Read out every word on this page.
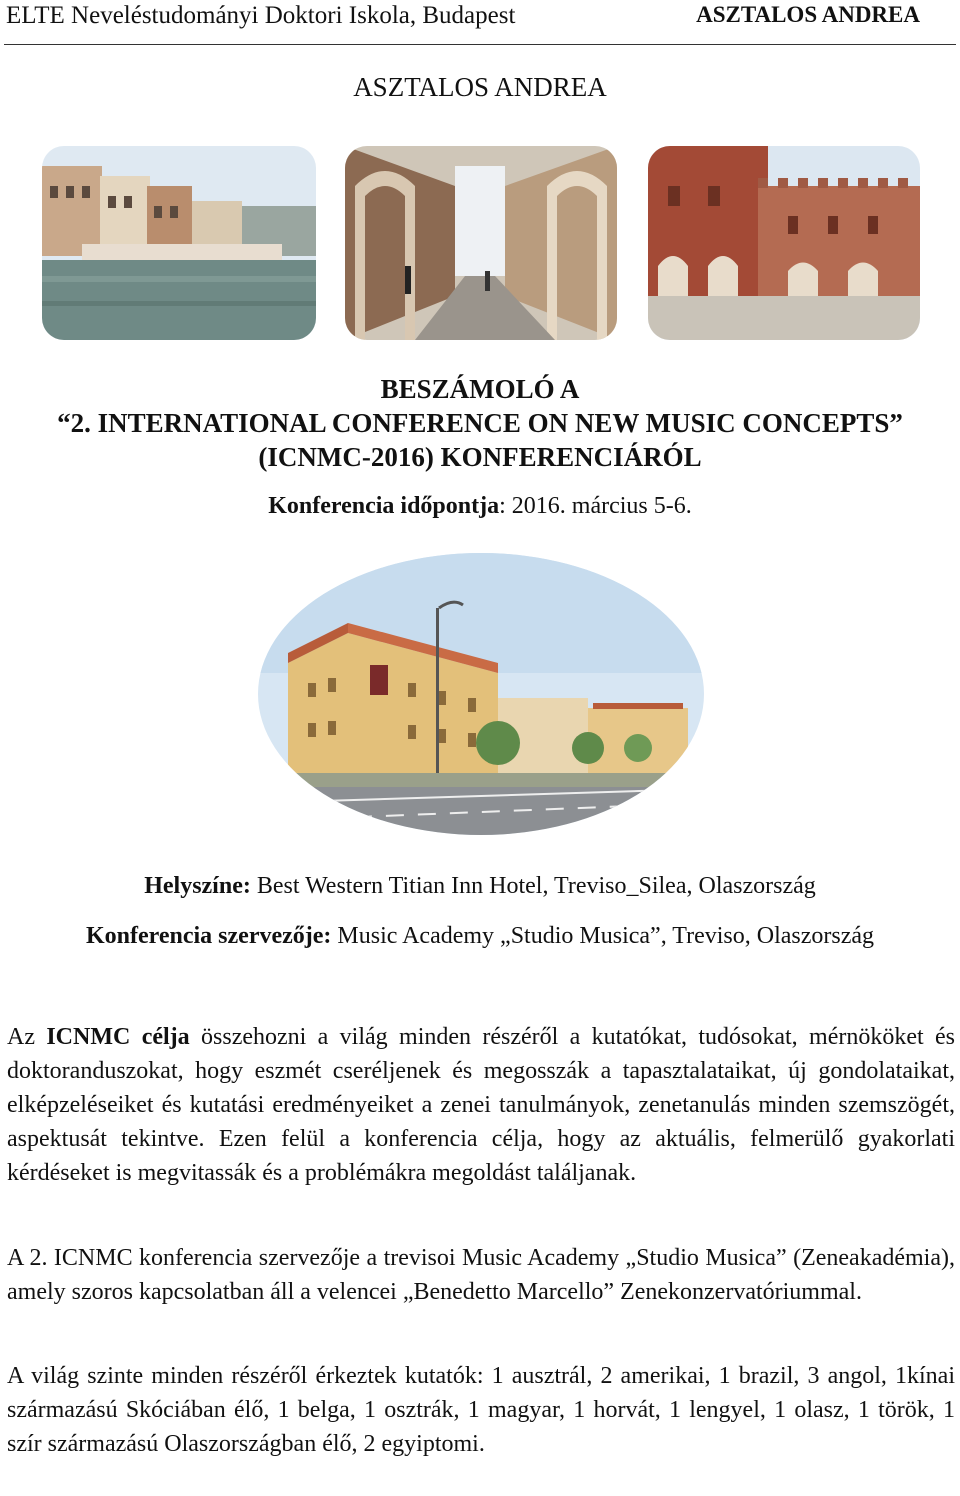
ELTE Neveléstudományi Doktori Iskola, Budapest	ASZTALOS ANDREA
ASZTALOS ANDREA
BESZÁMOLÓ A
“2. INTERNATIONAL CONFERENCE ON NEW MUSIC CONCEPTS”
(ICNMC-2016) KONFERENCIÁRÓL
Konferencia időpontja: 2016. március 5-6.
Helyszíne: Best Western Titian Inn Hotel, Treviso_Silea, Olaszország
Konferencia szervezője: Music Academy „Studio Musica”, Treviso, Olaszország
Az ICNMC célja összehozni a világ minden részéről a kutatókat, tudósokat, mérnököket és doktoranduszokat, hogy eszmét cseréljenek és megosszák a tapasztalataikat, új gondolataikat, elképzeléseiket és kutatási eredményeiket a zenei tanulmányok, zenetanulás minden szemszögét, aspektusát tekintve. Ezen felül a konferencia célja, hogy az aktuális, felmerülő gyakorlati kérdéseket is megvitassák és a problémákra megoldást találjanak.
A 2. ICNMC konferencia szervezője a trevisoi Music Academy „Studio Musica” (Zeneakadémia), amely szoros kapcsolatban áll a velencei „Benedetto Marcello” Zenekonzervatóriummal.
A világ szinte minden részéről érkeztek kutatók: 1 ausztrál, 2 amerikai, 1 brazil, 3 angol, 1kínai származású Skóciában élő, 1 belga, 1 osztrák, 1 magyar, 1 horvát, 1 lengyel, 1 olasz, 1 török, 1 szír származású Olaszországban élő, 2 egyiptomi.
